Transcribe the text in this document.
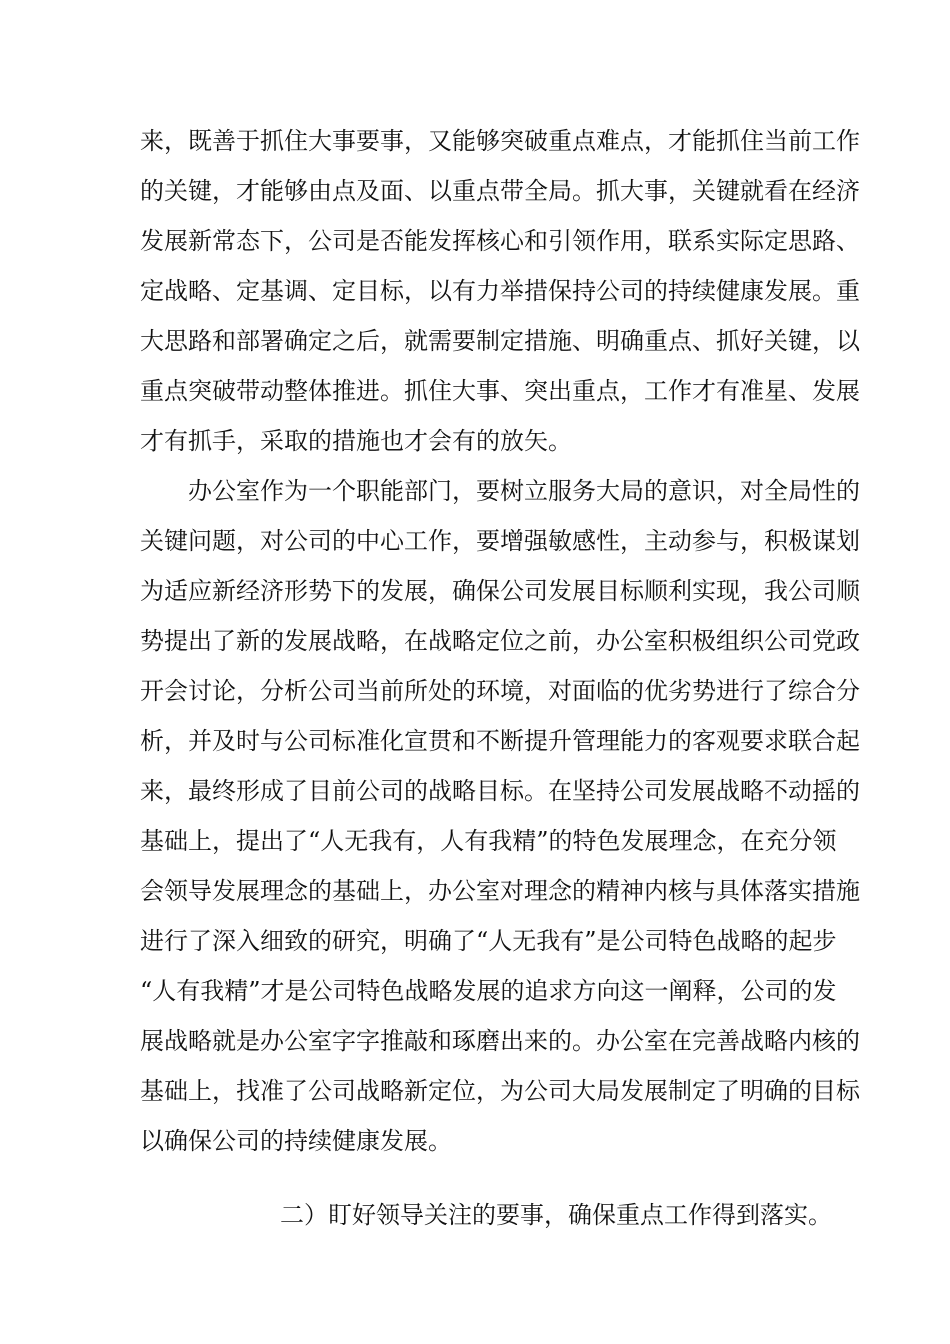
来，既善于抓住大事要事，又能够突破重点难点，才能抓住当前工作
的关键，才能够由点及面、以重点带全局。抓大事，关键就看在经济
发展新常态下，公司是否能发挥核心和引领作用，联系实际定思路、
定战略、定基调、定目标，以有力举措保持公司的持续健康发展。重
大思路和部署确定之后，就需要制定措施、明确重点、抓好关键，以
重点突破带动整体推进。抓住大事、突出重点，工作才有准星、发展
才有抓手，采取的措施也才会有的放矢。
　　办公室作为一个职能部门，要树立服务大局的意识，对全局性的
关键问题，对公司的中心工作，要增强敏感性，主动参与，积极谋划
为适应新经济形势下的发展，确保公司发展目标顺利实现，我公司顺
势提出了新的发展战略，在战略定位之前，办公室积极组织公司党政
开会讨论，分析公司当前所处的环境，对面临的优劣势进行了综合分
析，并及时与公司标准化宣贯和不断提升管理能力的客观要求联合起
来，最终形成了目前公司的战略目标。在坚持公司发展战略不动摇的
基础上，提出了“人无我有，人有我精”的特色发展理念，在充分领
会领导发展理念的基础上，办公室对理念的精神内核与具体落实措施
进行了深入细致的研究，明确了“人无我有”是公司特色战略的起步
“人有我精”才是公司特色战略发展的追求方向这一阐释，公司的发
展战略就是办公室字字推敲和琢磨出来的。办公室在完善战略内核的
基础上，找准了公司战略新定位，为公司大局发展制定了明确的目标
以确保公司的持续健康发展。
二）盯好领导关注的要事，确保重点工作得到落实。
